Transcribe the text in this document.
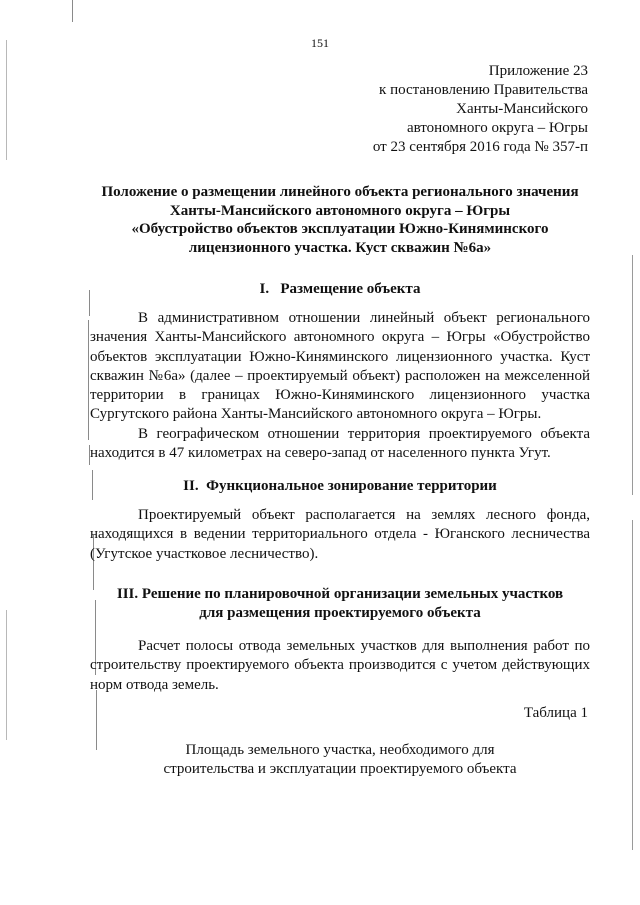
151
Приложение 23
к постановлению Правительства
Ханты-Мансийского
автономного округа – Югры
от 23 сентября 2016 года № 357-п
Положение о размещении линейного объекта регионального значения
Ханты-Мансийского автономного округа – Югры
«Обустройство объектов эксплуатации Южно-Киняминского
лицензионного участка. Куст скважин №6а»
I.   Размещение объекта

В административном отношении линейный объект регионального значения Ханты-Мансийского автономного округа – Югры «Обустройство объектов эксплуатации Южно-Киняминского лицензионного участка. Куст скважин №6а» (далее – проектируемый объект) расположен на межселенной территории в границах Южно-Киняминского лицензионного участка Сургутского района Ханты-Мансийского автономного округа – Югры.

В географическом отношении территория проектируемого объекта находится в 47 километрах на северо-запад от населенного пункта Угут.

II.  Функциональное зонирование территории

Проектируемый объект располагается на землях лесного фонда, находящихся в ведении территориального отдела - Юганского лесничества (Угутское участковое лесничество).

III. Решение по планировочной организации земельных участков
для размещения проектируемого объекта

Расчет полосы отвода земельных участков для выполнения работ по строительству проектируемого объекта производится с учетом действующих норм отвода земель.

Таблица 1
Площадь земельного участка, необходимого для
строительства и эксплуатации проектируемого объекта
